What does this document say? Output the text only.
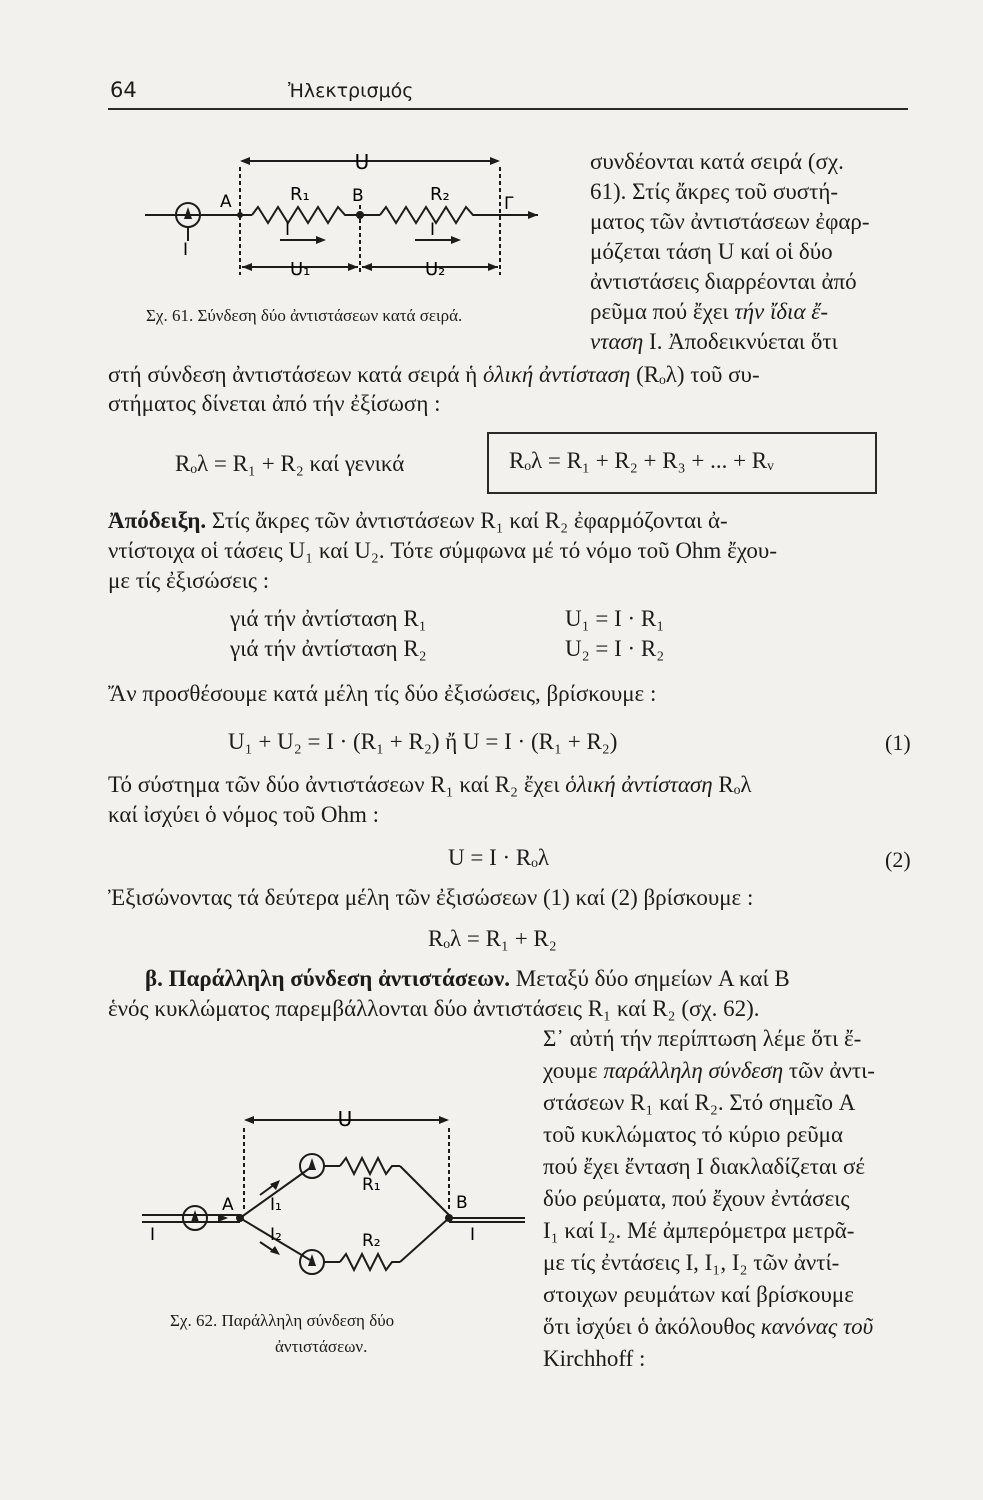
64	Ἠλεκτρισμός
U
R₁	R₂
A	B	Γ
I
I	I
U₁	U₂
Σχ. 61. Σύνδεση δύο ἀντιστάσεων κατά σειρά.
συνδέονται κατά σειρά (σχ.
61). Στίς ἄκρες τοῦ συστή-
ματος τῶν ἀντιστάσεων ἐφαρ-
μόζεται τάση U καί οἱ δύο
ἀντιστάσεις διαρρέονται ἀπό
ρεῦμα πού ἔχει τήν ἴδια ἔ-
νταση I. Ἀποδεικνύεται ὅτι
στή σύνδεση ἀντιστάσεων κατά σειρά ἡ ὁλική ἀντίσταση (Rₒλ) τοῦ συ-
στήματος δίνεται ἀπό τήν ἐξίσωση :
Rₒλ = R₁ + R₂ καί γενικά	Rₒλ = R₁ + R₂ + R₃ + ... + Rᵥ
Ἀπόδειξη. Στίς ἄκρες τῶν ἀντιστάσεων R₁ καί R₂ ἐφαρμόζονται ἀ-
ντίστοιχα οἱ τάσεις U₁ καί U₂. Τότε σύμφωνα μέ τό νόμο τοῦ Ohm ἔχου-
με τίς ἐξισώσεις :
γιά τήν ἀντίσταση R₁	U₁ = I · R₁
γιά τήν ἀντίσταση R₂	U₂ = I · R₂
Ἄν προσθέσουμε κατά μέλη τίς δύο ἐξισώσεις, βρίσκουμε :
U₁ + U₂ = I · (R₁ + R₂) ἤ U = I · (R₁ + R₂)	(1)
Τό σύστημα τῶν δύο ἀντιστάσεων R₁ καί R₂ ἔχει ὁλική ἀντίσταση Rₒλ
καί ἰσχύει ὁ νόμος τοῦ Ohm :
U = I · Rₒλ	(2)
Ἐξισώνοντας τά δεύτερα μέλη τῶν ἐξισώσεων (1) καί (2) βρίσκουμε :
Rₒλ = R₁ + R₂
β. Παράλληλη σύνδεση ἀντιστάσεων. Μεταξύ δύο σημείων A καί B
ἑνός κυκλώματος παρεμβάλλονται δύο ἀντιστάσεις R₁ καί R₂ (σχ. 62).
Σ᾽ αὐτή τήν περίπτωση λέμε ὅτι ἔ-
χουμε παράλληλη σύνδεση τῶν ἀντι-
στάσεων R₁ καί R₂. Στό σημεῖο A
τοῦ κυκλώματος τό κύριο ρεῦμα
πού ἔχει ἔνταση I διακλαδίζεται σέ
δύο ρεύματα, πού ἔχουν ἐντάσεις
I₁ καί I₂. Μέ ἀμπερόμετρα μετρᾶ-
με τίς ἐντάσεις I, I₁, I₂ τῶν ἀντί-
στοιχων ρευμάτων καί βρίσκουμε
ὅτι ἰσχύει ὁ ἀκόλουθος κανόνας τοῦ
Kirchhoff :
U
A	B
R₁
R₂
I	I
I₁
I₂
Σχ. 62. Παράλληλη σύνδεση δύο
ἀντιστάσεων.
